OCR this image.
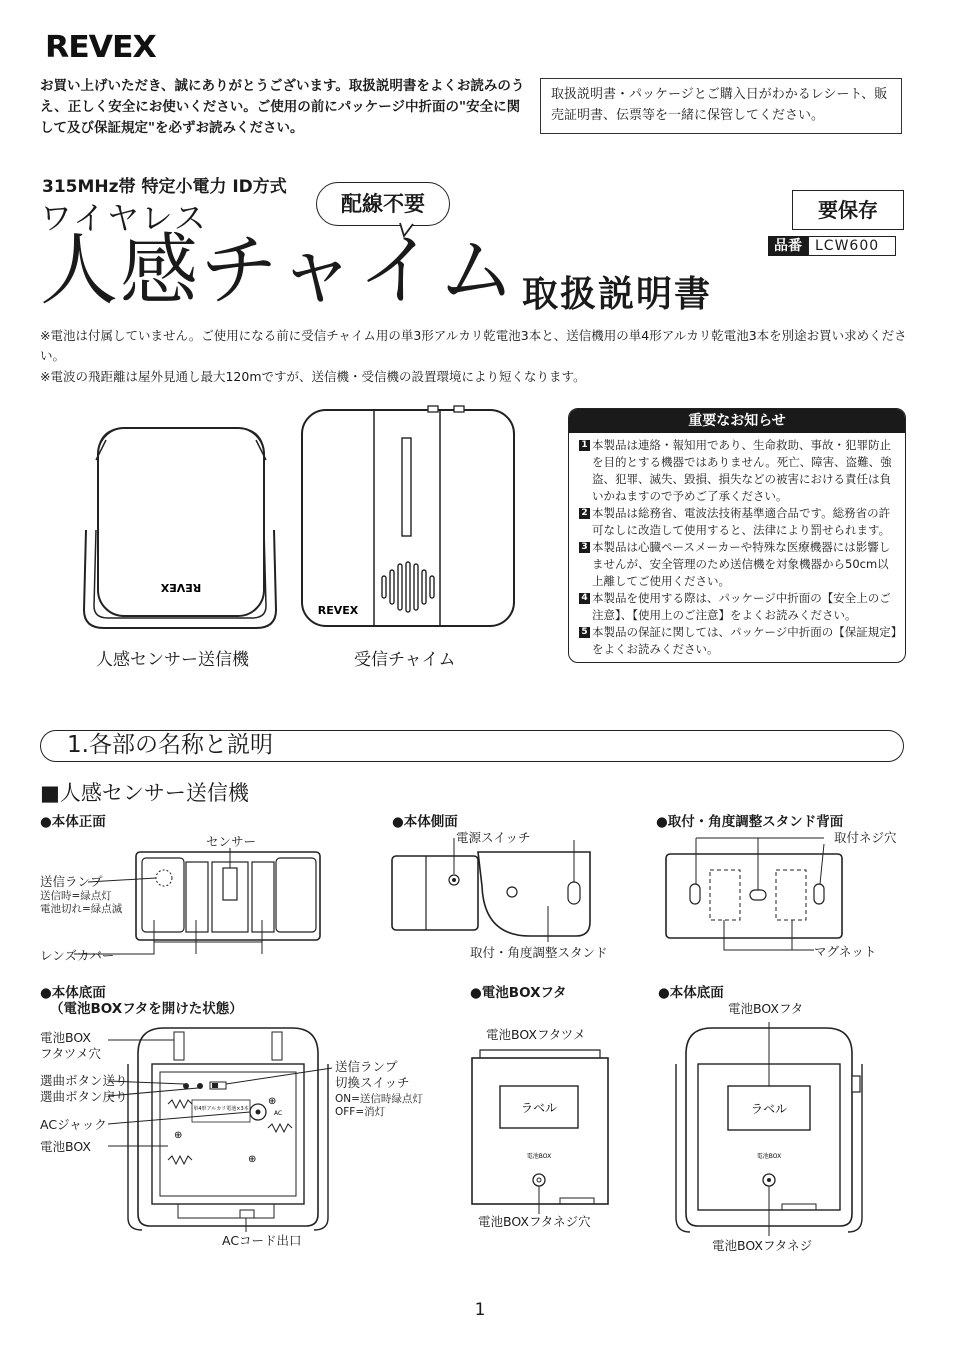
REVEX
お買い上げいただき、誠にありがとうございます。取扱説明書をよくお読みのうえ、正しく安全にお使いください。ご使用の前にパッケージ中折面の"安全に関して及び保証規定"を必ずお読みください。
取扱説明書・パッケージとご購入日がわかるレシート、販売証明書、伝票等を一緒に保管してください。
315MHz帯 特定小電力 ID方式
ワイヤレス	配線不要
人感チャイム 取扱説明書
要保存
品番 LCW600
※電池は付属していません。ご使用になる前に受信チャイム用の単3形アルカリ乾電池3本と、送信機用の単4形アルカリ乾電池3本を別途お買い求めください。
※電波の飛距離は屋外見通し最大120mですが、送信機・受信機の設置環境により短くなります。
REVEX
REVEX
人感センサー送信機	受信チャイム
重要なお知らせ
1 本製品は連絡・報知用であり、生命救助、事故・犯罪防止を目的とする機器ではありません。死亡、障害、盗難、強盗、犯罪、滅失、毀損、損失などの被害における責任は負いかねますので予めご了承ください。
2 本製品は総務省、電波法技術基準適合品です。総務省の許可なしに改造して使用すると、法律により罰せられます。
3 本製品は心臓ペースメーカーや特殊な医療機器には影響しませんが、安全管理のため送信機を対象機器から50cm以上離してご使用ください。
4 本製品を使用する際は、パッケージ中折面の【安全上のご注意】、【使用上のご注意】をよくお読みください。
5 本製品の保証に関しては、パッケージ中折面の【保証規定】をよくお読みください。
1.各部の名称と説明
■人感センサー送信機
●本体正面
センサー
送信ランプ
送信時=緑点灯
電池切れ=緑点滅
レンズカバー
●本体側面
電源スイッチ
取付・角度調整スタンド
●取付・角度調整スタンド背面
取付ネジ穴
マグネット
●本体底面
（電池BOXフタを開けた状態）
電池BOX
フタツメ穴
選曲ボタン送り
選曲ボタン戻り
ACジャック
電池BOX
送信ランプ
切換スイッチ
ON=送信時緑点灯
OFF=消灯
ACコード出口
単4形アルカリ電池×3本
AC
⊕
⊕
⊕
●電池BOXフタ
電池BOXフタツメ
電池BOXフタネジ穴
ラベル
電池BOX
●本体底面
電池BOXフタ
電池BOXフタネジ
ラベル
電池BOX
1
